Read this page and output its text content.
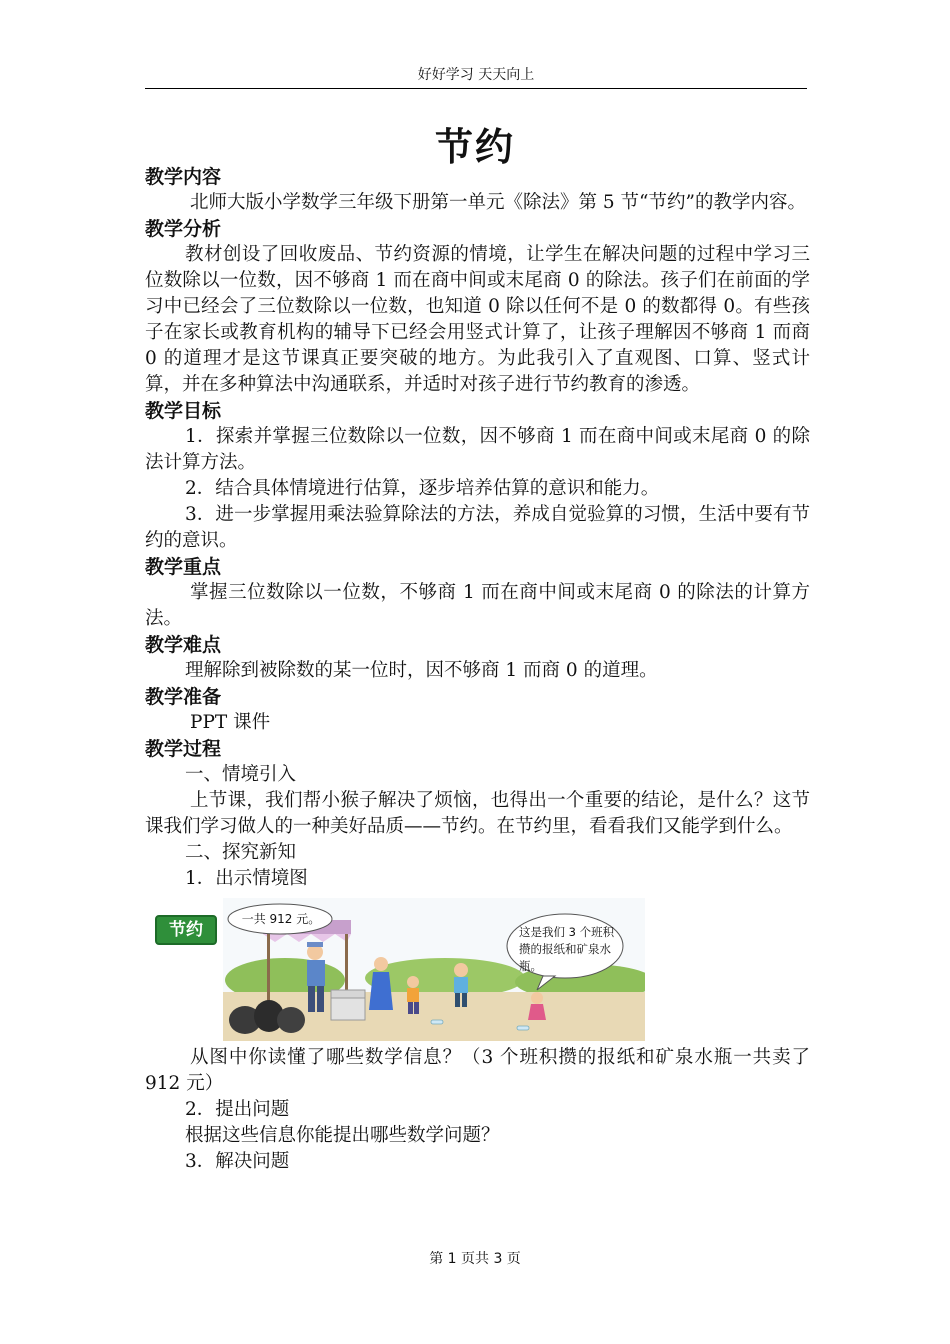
好好学习 天天向上
节约
教学内容
北师大版小学数学三年级下册第一单元《除法》第 5 节“节约”的教学内容。
教学分析
教材创设了回收废品、节约资源的情境，让学生在解决问题的过程中学习三位数除以一位数，因不够商 1 而在商中间或末尾商 0 的除法。孩子们在前面的学习中已经会了三位数除以一位数，也知道 0 除以任何不是 0 的数都得 0。有些孩子在家长或教育机构的辅导下已经会用竖式计算了，让孩子理解因不够商 1 而商 0 的道理才是这节课真正要突破的地方。为此我引入了直观图、口算、竖式计算，并在多种算法中沟通联系，并适时对孩子进行节约教育的渗透。
教学目标
1．探索并掌握三位数除以一位数，因不够商 1 而在商中间或末尾商 0 的除法计算方法。
2．结合具体情境进行估算，逐步培养估算的意识和能力。
3．进一步掌握用乘法验算除法的方法，养成自觉验算的习惯，生活中要有节约的意识。
教学重点
掌握三位数除以一位数，不够商 1 而在商中间或末尾商 0 的除法的计算方法。
教学难点
理解除到被除数的某一位时，因不够商 1 而商 0 的道理。
教学准备
PPT 课件
教学过程
一、情境引入
上节课，我们帮小猴子解决了烦恼，也得出一个重要的结论，是什么？这节课我们学习做人的一种美好品质——节约。在节约里，看看我们又能学到什么。
二、探究新知
1．出示情境图
节约
一共 912 元。
这是我们 3 个班积攒的报纸和矿泉水瓶。
从图中你读懂了哪些数学信息？（3 个班积攒的报纸和矿泉水瓶一共卖了 912 元）
2．提出问题
根据这些信息你能提出哪些数学问题？
3．解决问题
第 1 页共 3 页
